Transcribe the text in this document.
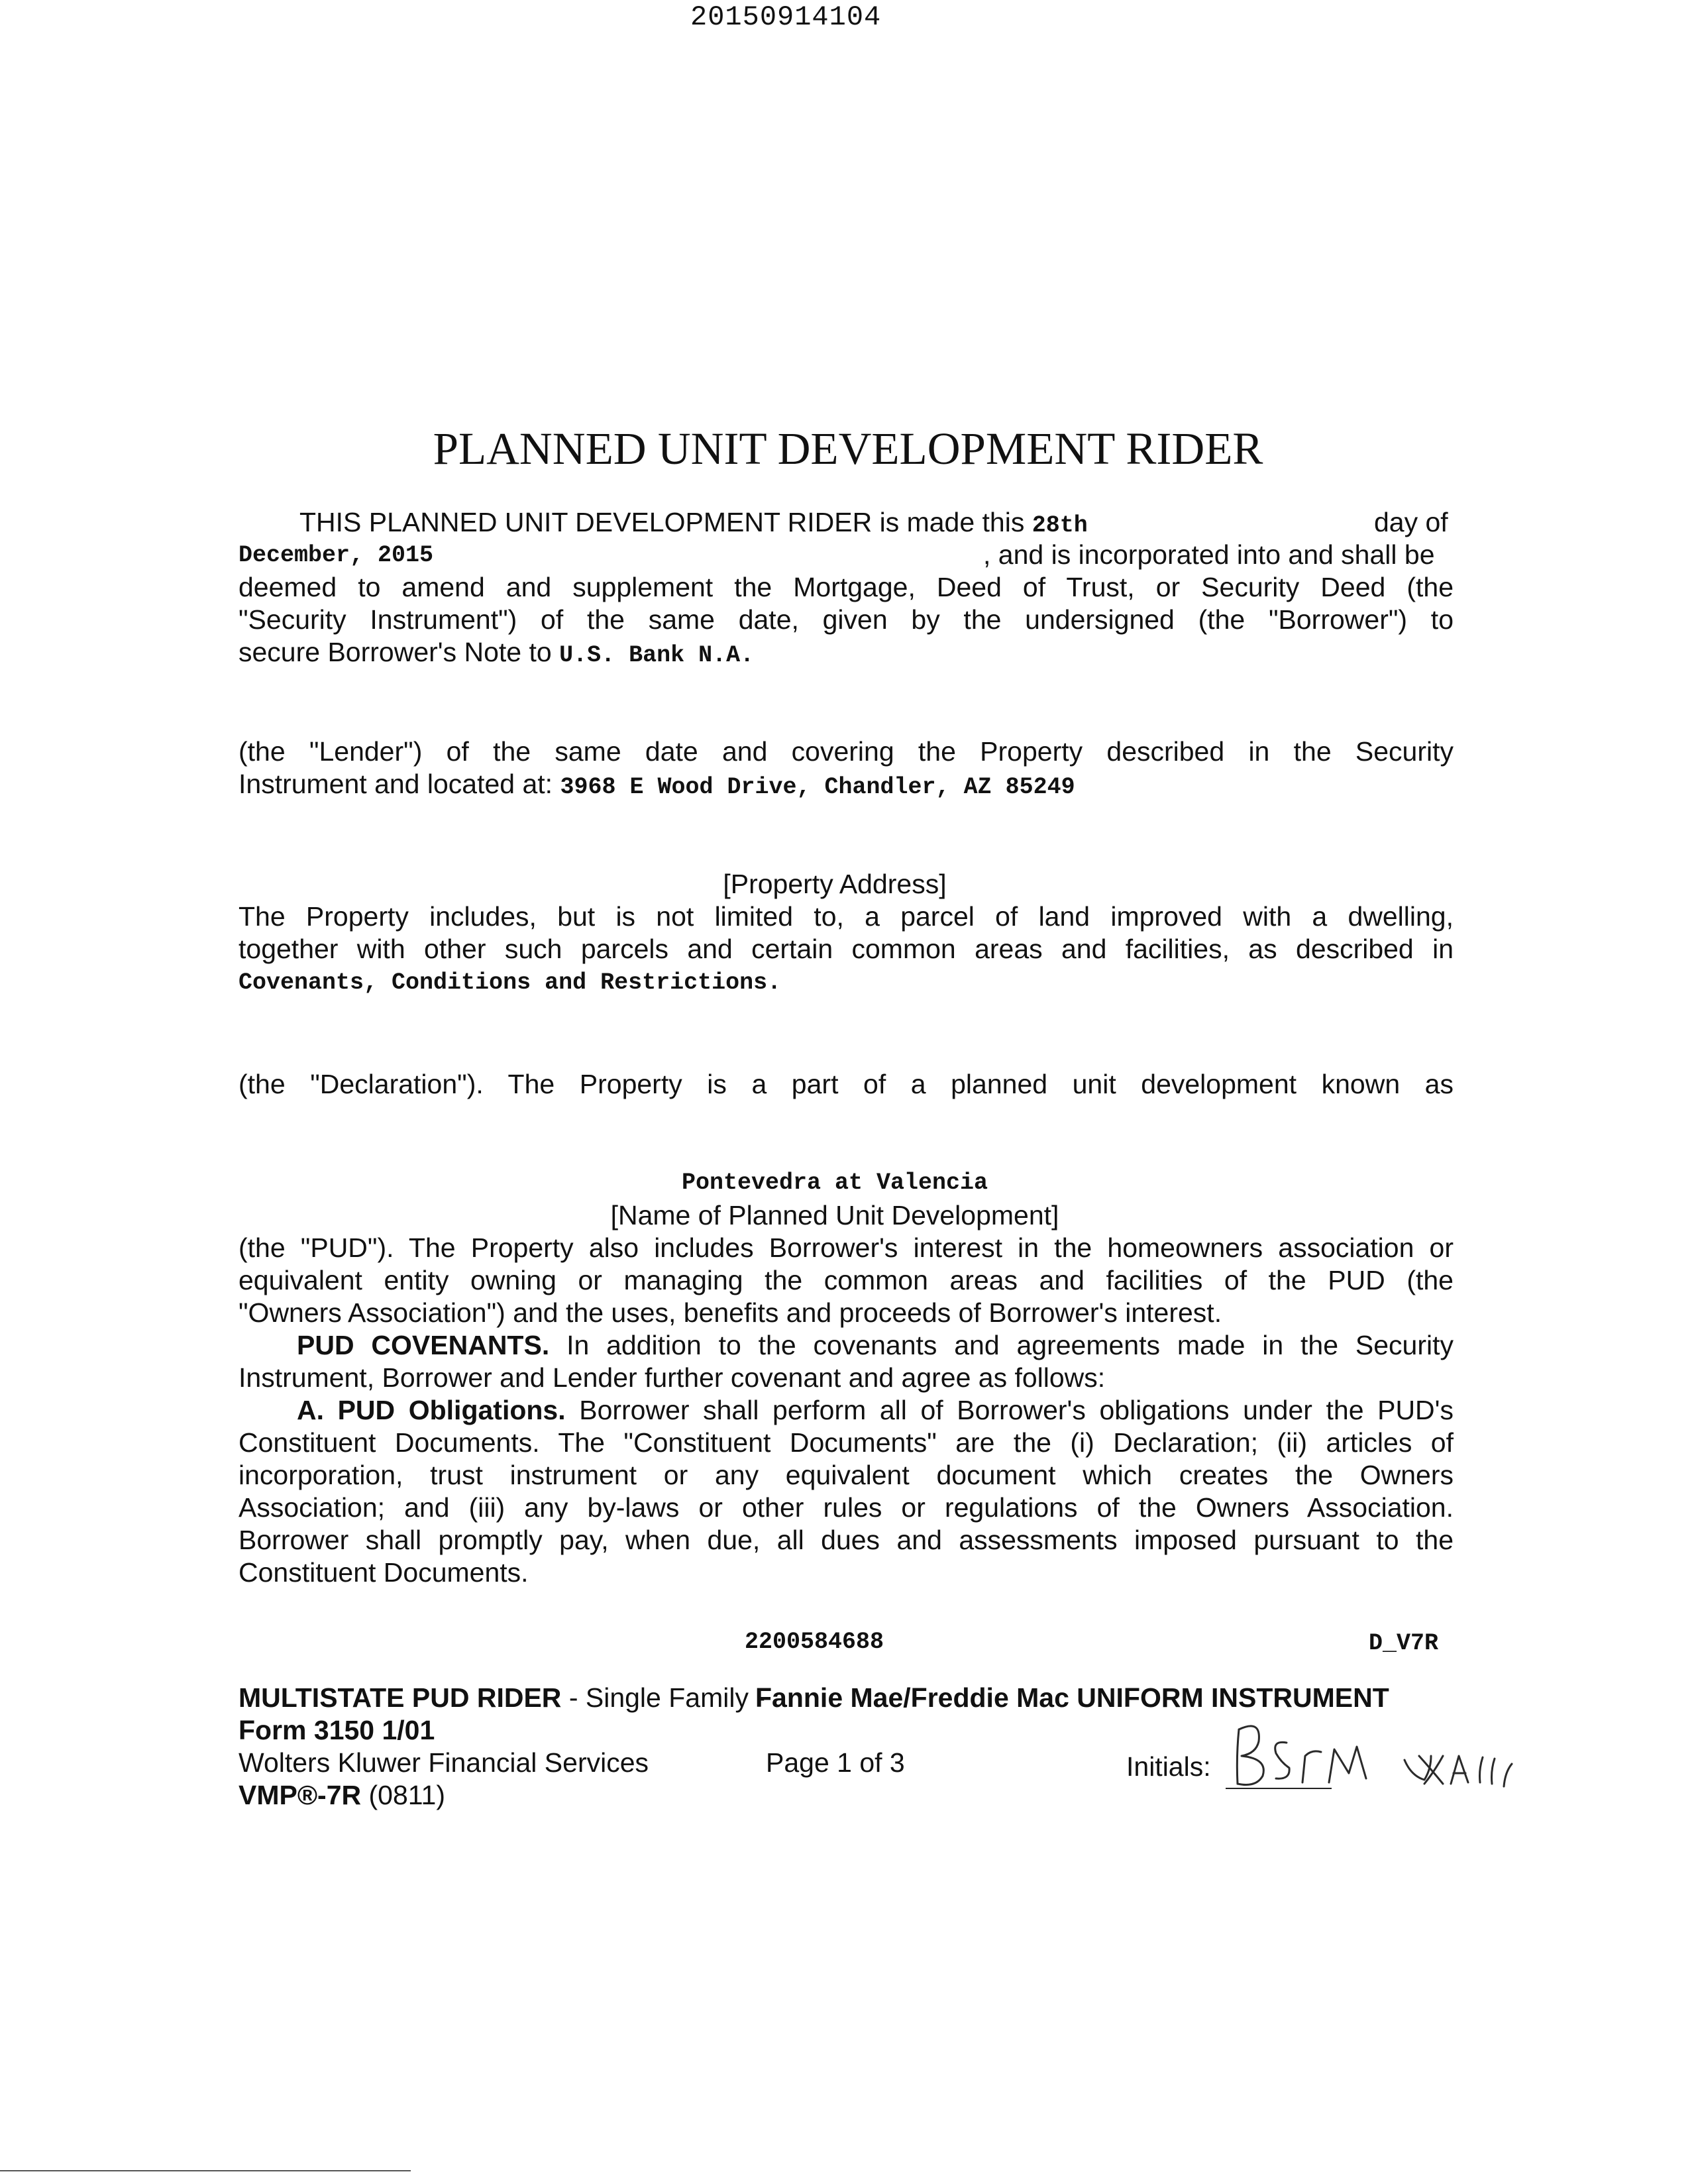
20150914104
PLANNED UNIT DEVELOPMENT RIDER
THIS PLANNED UNIT DEVELOPMENT RIDER is made this 28th	day of
December, 2015	, and is incorporated into and shall be
deemed to amend and supplement the Mortgage, Deed of Trust, or Security Deed (the
"Security Instrument") of the same date, given by the undersigned (the "Borrower") to
secure Borrower's Note to U.S. Bank N.A.
(the "Lender") of the same date and covering the Property described in the Security
Instrument and located at: 3968 E Wood Drive, Chandler, AZ 85249
[Property Address]
The Property includes, but is not limited to, a parcel of land improved with a dwelling,
together with other such parcels and certain common areas and facilities, as described in
Covenants, Conditions and Restrictions.
(the "Declaration"). The Property is a part of a planned unit development known as
Pontevedra at Valencia
[Name of Planned Unit Development]
(the "PUD"). The Property also includes Borrower's interest in the homeowners association or
equivalent entity owning or managing the common areas and facilities of the PUD (the
"Owners Association") and the uses, benefits and proceeds of Borrower's interest.
PUD COVENANTS. In addition to the covenants and agreements made in the Security
Instrument, Borrower and Lender further covenant and agree as follows:
A. PUD Obligations. Borrower shall perform all of Borrower's obligations under the PUD's
Constituent Documents. The "Constituent Documents" are the (i) Declaration; (ii) articles of
incorporation, trust instrument or any equivalent document which creates the Owners
Association; and (iii) any by-laws or other rules or regulations of the Owners Association.
Borrower shall promptly pay, when due, all dues and assessments imposed pursuant to the
Constituent Documents.
2200584688	D_V7R
MULTISTATE PUD RIDER - Single Family -
Fannie Mae/Freddie Mac UNIFORM INSTRUMENT
Form 3150 1/01
Wolters Kluwer Financial Services	Page 1 of 3	Initials:
VMP®-7R (0811)
